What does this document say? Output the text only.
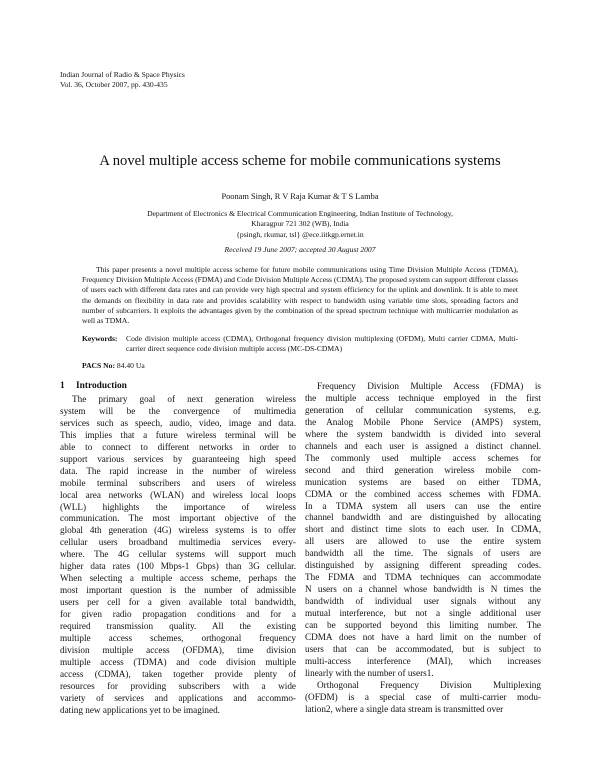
Indian Journal of Radio & Space Physics
Vol. 36, October 2007, pp. 430-435
A novel multiple access scheme for mobile communications systems
Poonam Singh, R V Raja Kumar & T S Lamba
Department of Electronics & Electrical Communication Engineering, Indian Institute of Technology,
Kharagpur 721 302 (WB), India
{psingh, rkumar, tsl} @ece.iitkgp.ernet.in
Received 19 June 2007; accepted 30 August 2007

This paper presents a novel multiple access scheme for future mobile communications using Time Division Multiple Access (TDMA), Frequency Division Multiple Access (FDMA) and Code Division Multiple Access (CDMA). The proposed system can support different classes of users each with different data rates and can provide very high spectral and system efficiency for the uplink and downlink. It is able to meet the demands on flexibility in data rate and provides scalability with respect to bandwidth using variable time slots, spreading factors and number of subcarriers. It exploits the advantages given by the combination of the spread spectrum technique with multicarrier modulation as well as TDMA.

Keywords: Code division multiple access (CDMA), Orthogonal frequency division multiplexing (OFDM), Multi carrier CDMA, Multi-carrier direct sequence code division multiple access (MC-DS-CDMA)

PACS No: 84.40 Ua
1 Introduction
The primary goal of next generation wireless
system will be the convergence of multimedia
services such as speech, audio, video, image and data.
This implies that a future wireless terminal will be
able to connect to different networks in order to
support various services by guaranteeing high speed
data. The rapid increase in the number of wireless
mobile terminal subscribers and users of wireless
local area networks (WLAN) and wireless local loops
(WLL) highlights the importance of wireless
communication. The most important objective of the
global 4th generation (4G) wireless systems is to offer
cellular users broadband multimedia services every-
where. The 4G cellular systems will support much
higher data rates (100 Mbps-1 Gbps) than 3G cellular.
When selecting a multiple access scheme, perhaps the
most important question is the number of admissible
users per cell for a given available total bandwidth,
for given radio propagation conditions and for a
required transmission quality. All the existing
multiple access schemes, orthogonal frequency
division multiple access (OFDMA), time division
multiple access (TDMA) and code division multiple
access (CDMA), taken together provide plenty of
resources for providing subscribers with a wide
variety of services and applications and accommo-
dating new applications yet to be imagined.
Frequency Division Multiple Access (FDMA) is
the multiple access technique employed in the first
generation of cellular communication systems, e.g.
the Analog Mobile Phone Service (AMPS) system,
where the system bandwidth is divided into several
channels and each user is assigned a distinct channel.
The commonly used multiple access schemes for
second and third generation wireless mobile com-
munication systems are based on either TDMA,
CDMA or the combined access schemes with FDMA.
In a TDMA system all users can use the entire
channel bandwidth and are distinguished by allocating
short and distinct time slots to each user. In CDMA,
all users are allowed to use the entire system
bandwidth all the time. The signals of users are
distinguished by assigning different spreading codes.
The FDMA and TDMA techniques can accommodate
N users on a channel whose bandwidth is N times the
bandwidth of individual user signals without any
mutual interference, but not a single additional user
can be supported beyond this limiting number. The
CDMA does not have a hard limit on the number of
users that can be accommodated, but is subject to
multi-access interference (MAI), which increases
linearly with the number of users1.
Orthogonal Frequency Division Multiplexing
(OFDM) is a special case of multi-carrier modu-
lation2, where a single data stream is transmitted over
